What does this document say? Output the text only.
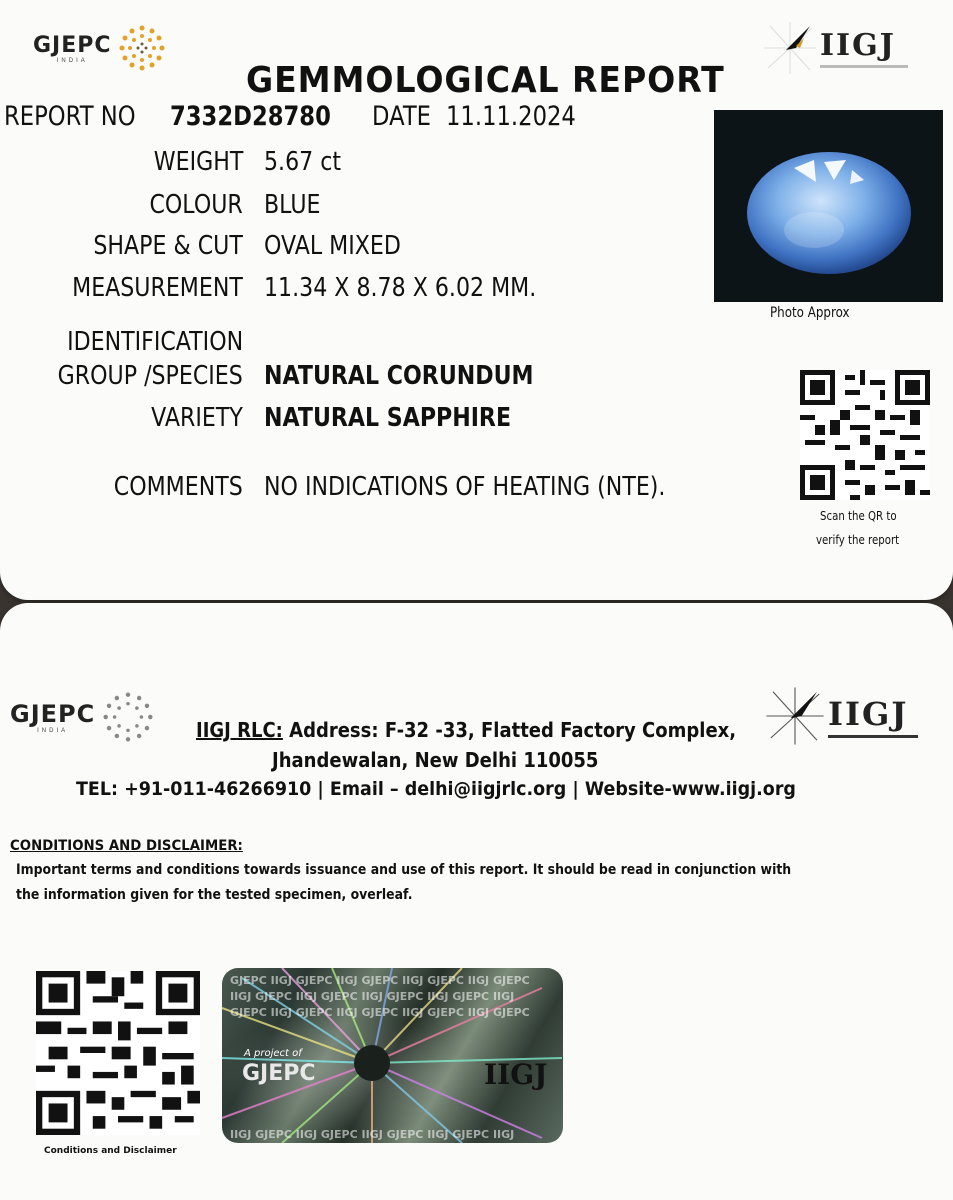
GJEPC
INDIA	IIGJ
GEMMOLOGICAL REPORT
REPORT NO 7332D28780 DATE 11.11.2024
WEIGHT 5.67 ct
COLOUR BLUE
SHAPE & CUT OVAL MIXED
MEASUREMENT 11.34 X 8.78 X 6.02 MM.
IDENTIFICATION
GROUP /SPECIES NATURAL CORUNDUM
VARIETY NATURAL SAPPHIRE
COMMENTS NO INDICATIONS OF HEATING (NTE).
Photo Approx
Scan the QR to
verify the report
GJEPC
INDIA	IIGJ
IIGJ RLC: Address: F-32 -33, Flatted Factory Complex,
Jhandewalan, New Delhi 110055
TEL: +91-011-46266910 | Email – delhi@iigjrlc.org | Website-www.iigj.org
CONDITIONS AND DISCLAIMER:
Important terms and conditions towards issuance and use of this report. It should be read in conjunction with
the information given for the tested specimen, overleaf.
Conditions and Disclaimer
GJEPC IIGJ GJEPC IIGJ GJEPC IIGJ GJEPC IIGJ GJEPC
IIGJ GJEPC IIGJ GJEPC IIGJ GJEPC IIGJ GJEPC IIGJ
GJEPC IIGJ GJEPC IIGJ GJEPC IIGJ GJEPC IIGJ GJEPC
IIGJ GJEPC IIGJ GJEPC IIGJ GJEPC IIGJ GJEPC IIGJ
A project of
GJEPC	IIGJ
